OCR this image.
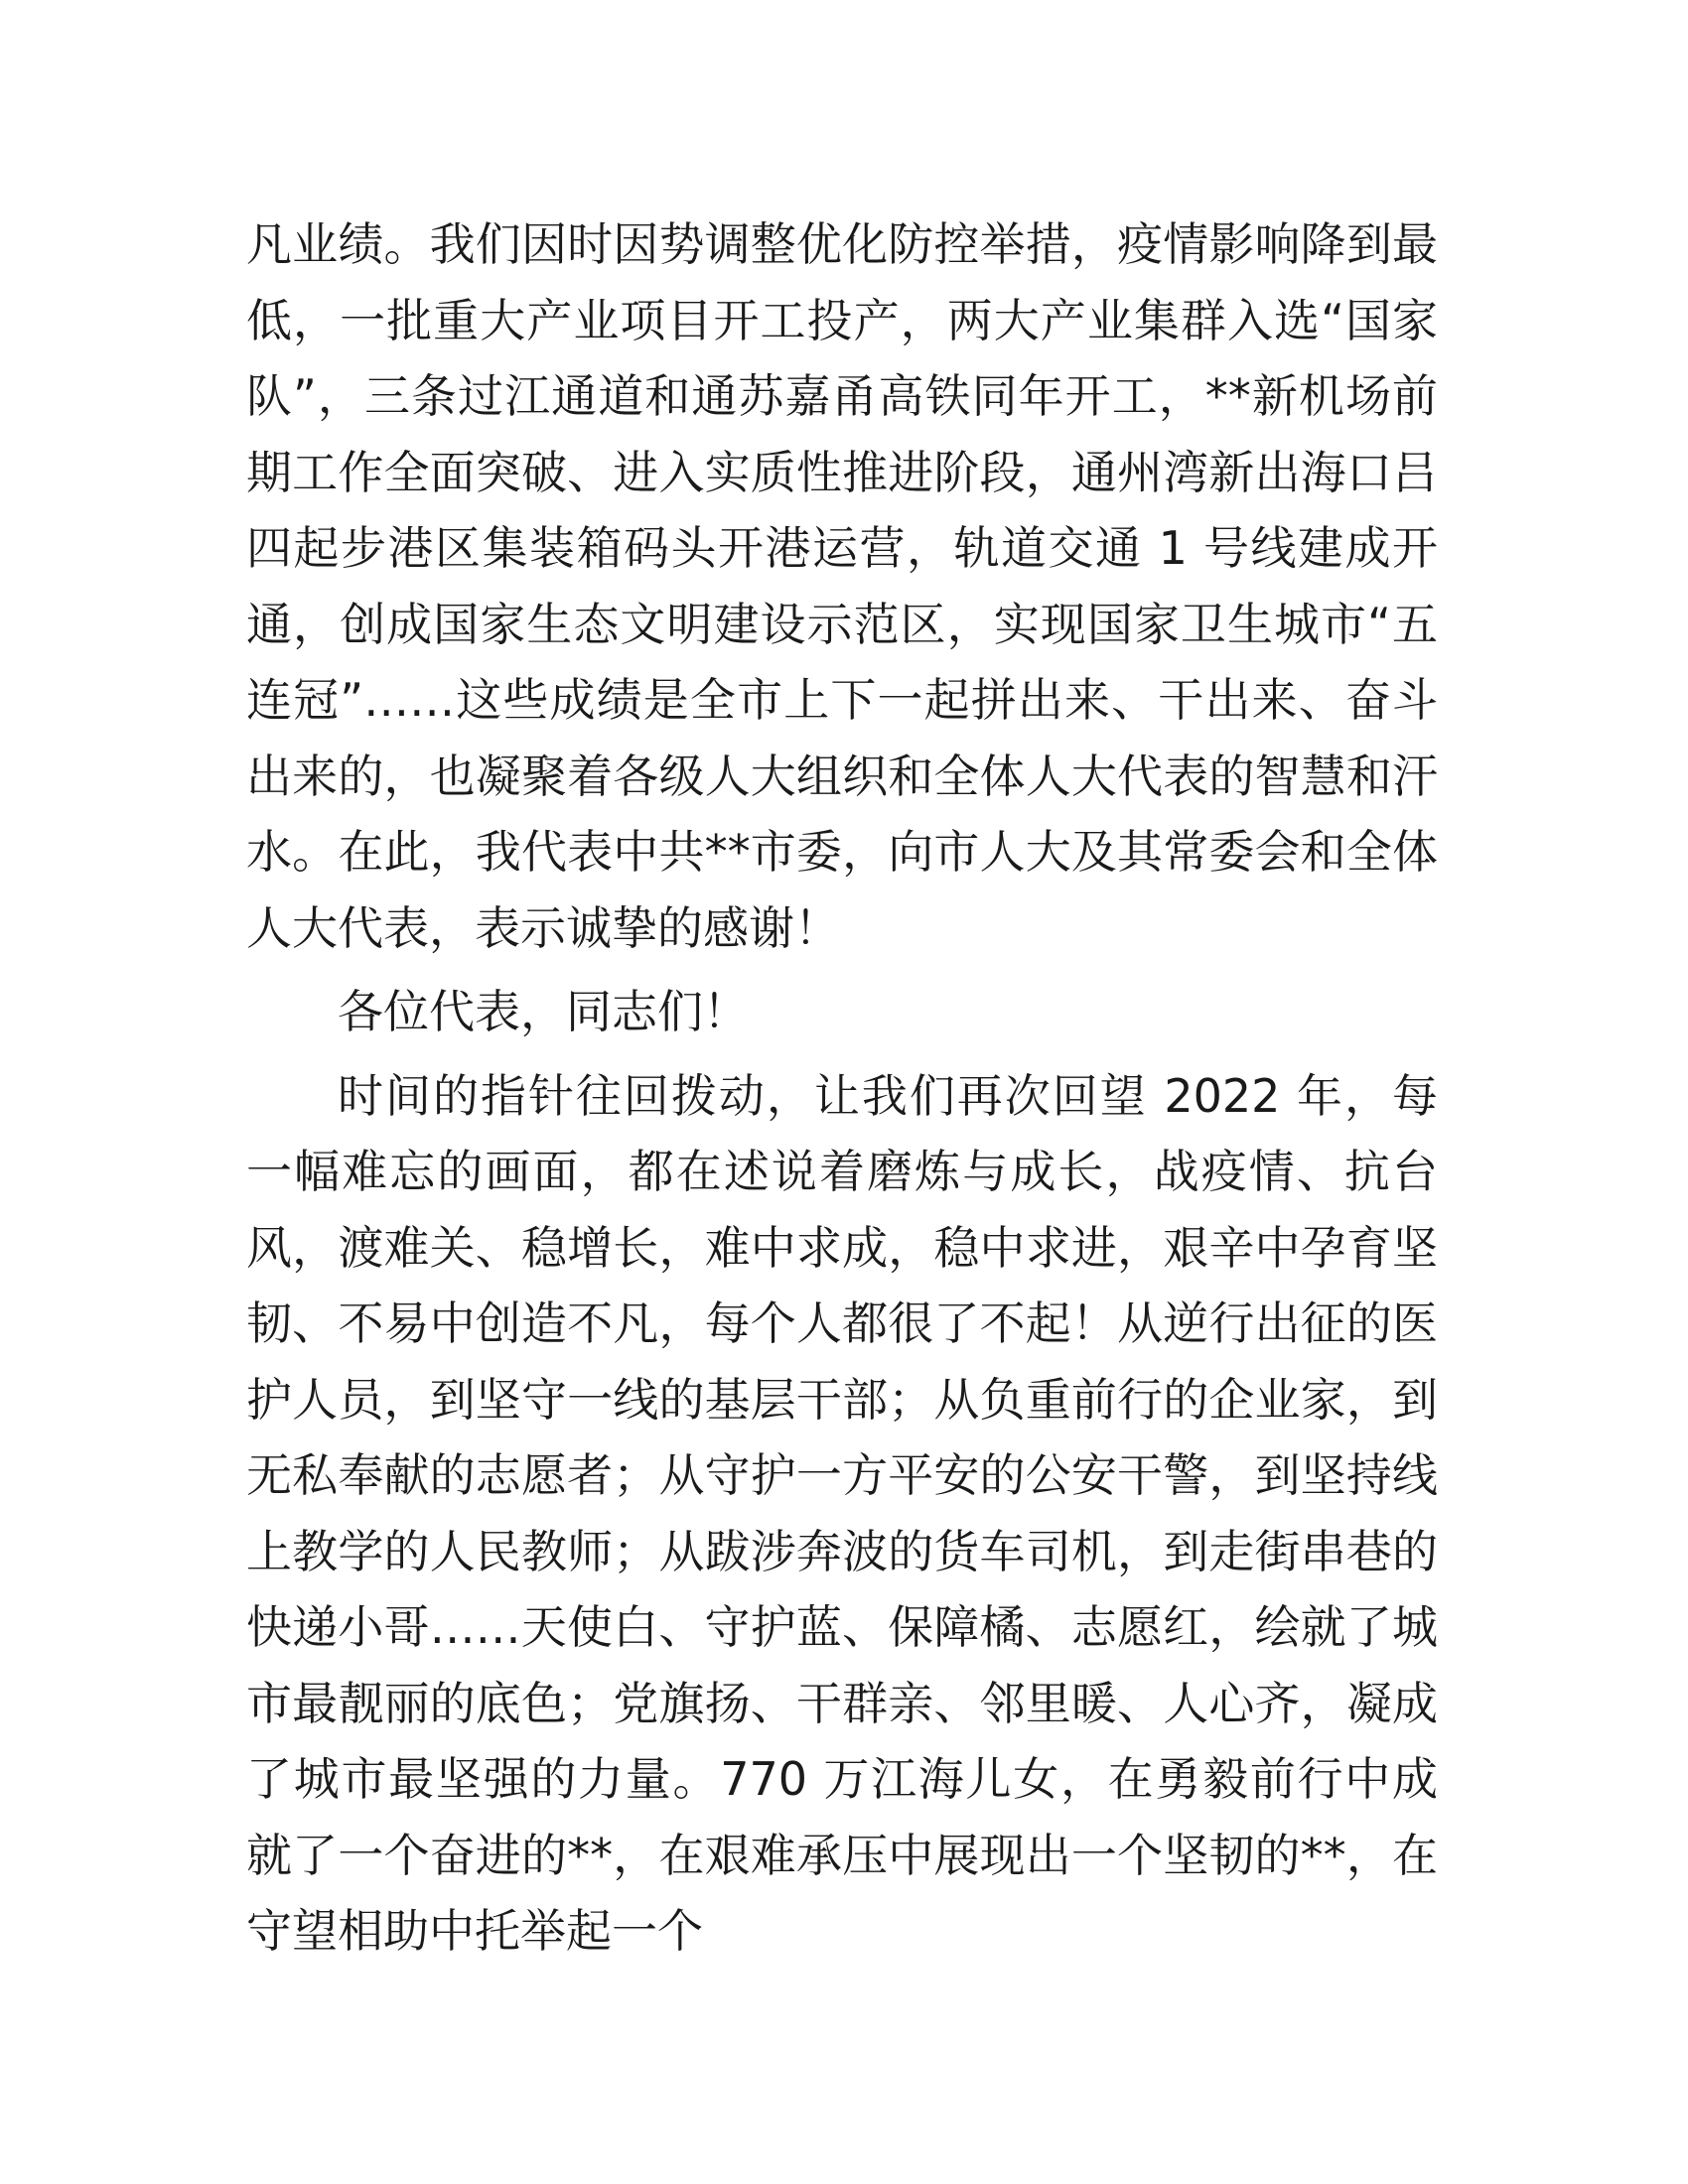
凡业绩。我们因时因势调整优化防控举措，疫情影响降到最低，一批重大产业项目开工投产，两大产业集群入选“国家队”，三条过江通道和通苏嘉甬高铁同年开工，**新机场前期工作全面突破、进入实质性推进阶段，通州湾新出海口吕四起步港区集装箱码头开港运营，轨道交通 1 号线建成开通，创成国家生态文明建设示范区，实现国家卫生城市“五连冠”……这些成绩是全市上下一起拼出来、干出来、奋斗出来的，也凝聚着各级人大组织和全体人大代表的智慧和汗水。在此，我代表中共**市委，向市人大及其常委会和全体人大代表，表示诚挚的感谢！

各位代表，同志们！

时间的指针往回拨动，让我们再次回望 2022 年，每一幅难忘的画面，都在述说着磨炼与成长，战疫情、抗台风，渡难关、稳增长，难中求成，稳中求进，艰辛中孕育坚韧、不易中创造不凡，每个人都很了不起！从逆行出征的医护人员，到坚守一线的基层干部；从负重前行的企业家，到无私奉献的志愿者；从守护一方平安的公安干警，到坚持线上教学的人民教师；从跋涉奔波的货车司机，到走街串巷的快递小哥……天使白、守护蓝、保障橘、志愿红，绘就了城市最靓丽的底色；党旗扬、干群亲、邻里暖、人心齐，凝成了城市最坚强的力量。770 万江海儿女，在勇毅前行中成就了一个奋进的**，在艰难承压中展现出一个坚韧的**，在守望相助中托举起一个
